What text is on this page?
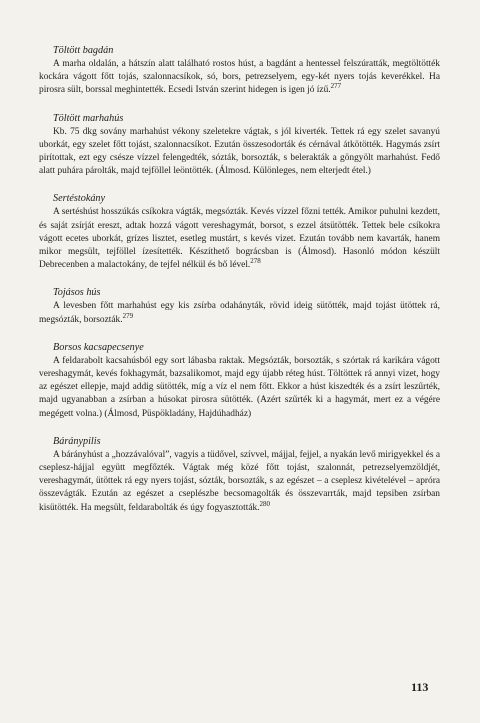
Töltött bagdán

A marha oldalán, a hátszín alatt található rostos húst, a bagdánt a hentessel felszúratták, megtöltötték kockára vágott főtt tojás, szalonnacsíkok, só, bors, petrezselyem, egy-két nyers tojás keverékkel. Ha pirosra sült, borssal meghintették. Ecsedi István szerint hidegen is igen jó ízű.$^{277}$

Töltött marhahús

Kb. 75 dkg sovány marhahúst vékony szeletekre vágtak, s jól kiverték. Tettek rá egy szelet savanyú uborkát, egy szelet főtt tojást, szalonnacsíkot. Ezután összesodorták és cérnával átkötötték. Hagymás zsírt pirítottak, ezt egy csésze vízzel felengedték, sózták, borsozták, s belerakták a göngyölt marhahúst. Fedő alatt puhára párolták, majd tejföllel leöntötték. (Álmosd. Különleges, nem elterjedt étel.)

Sertéstokány

A sertéshúst hosszúkás csíkokra vágták, megsózták. Kevés vízzel főzni tették. Amikor puhulni kezdett, és saját zsírját ereszt, adtak hozzá vágott vereshagymát, borsot, s ezzel átsütötték. Tettek bele csíkokra vágott ecetes uborkát, grízes lisztet, esetleg mustárt, s kevés vizet. Ezután tovább nem kavarták, hanem mikor megsült, tejföllel ízesítették. Készíthető bográcsban is (Álmosd). Hasonló módon készült Debrecenben a malactokány, de tejfel nélkül és bő lével.$^{278}$

Tojásos hús

A levesben főtt marhahúst egy kis zsírba odahányták, rövid ideig sütötték, majd tojást ütöttek rá, megsózták, borsozták.$^{279}$

Borsos kacsapecsenye

A feldarabolt kacsahúsból egy sort lábasba raktak. Megsózták, borsozták, s szórtak rá karikára vágott vereshagymát, kevés fokhagymát, bazsalikomot, majd egy újabb réteg húst. Töltöttek rá annyi vizet, hogy az egészet ellepje, majd addig sütötték, míg a víz el nem főtt. Ekkor a húst kiszedték és a zsírt leszűrték, majd ugyanabban a zsírban a húsokat pirosra sütötték. (Azért szűrték ki a hagymát, mert ez a végére megégett volna.) (Álmosd, Püspökladány, Hajdúhadház)

Báránypilis

A bárányhúst a „hozzávalóval”, vagyis a tüdővel, szívvel, májjal, fejjel, a nyakán levő mirigyekkel és a cseplesz-hájjal együtt megfőzték. Vágtak még közé főtt tojást, szalonnát, petrezselyemzöldjét, vereshagymát, ütöttek rá egy nyers tojást, sózták, borsozták, s az egészet – a cseplesz kivételével – apróra összevágták. Ezután az egészet a cseplészbe becsomagolták és összevarrták, majd tepsiben zsírban kisütötték. Ha megsült, feldarabolták és úgy fogyasztották.$^{280}$

113
